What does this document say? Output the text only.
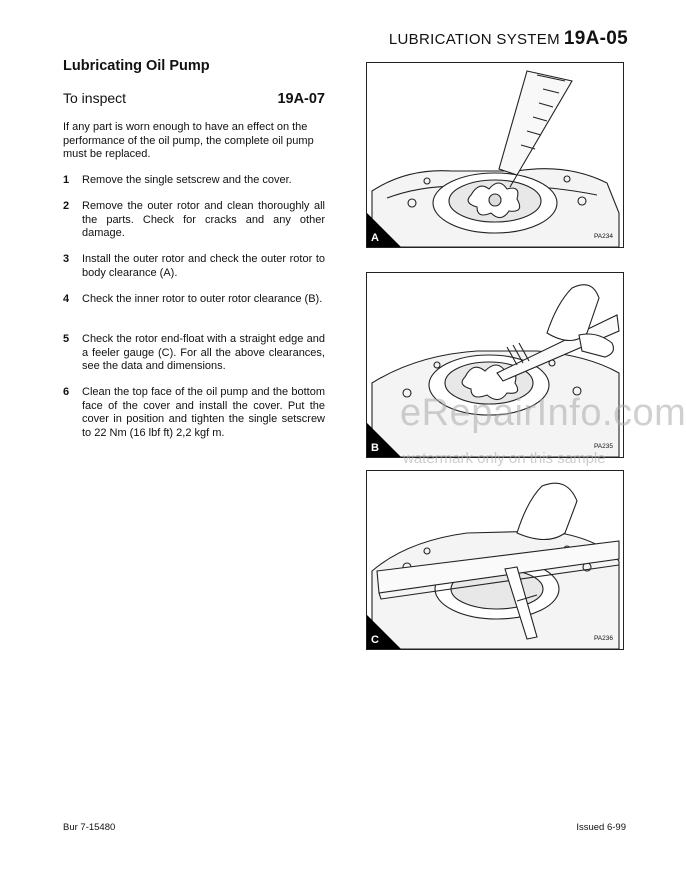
LUBRICATION SYSTEM 19A-05
Lubricating Oil Pump
To inspect	19A-07
If any part is worn enough to have an effect on the performance of the oil pump, the complete oil pump must be replaced.
1	Remove the single setscrew and the cover.
2	Remove the outer rotor and clean thoroughly all the parts. Check for cracks and any other damage.
3	Install the outer rotor and check the outer rotor to body clearance (A).
4	Check the inner rotor to outer rotor clearance (B).
5	Check the rotor end-float with a straight edge and a feeler gauge (C). For all the above clearances, see the data and dimensions.
6	Clean the top face of the oil pump and the bottom face of the cover and install the cover. Put the cover in position and tighten the single setscrew to 22 Nm (16 lbf ft) 2,2 kgf m.
A	PA234
B	PA235
C	PA236
eRepairInfo.com
watermark only on this sample
Bur 7-15480	Issued 6-99
